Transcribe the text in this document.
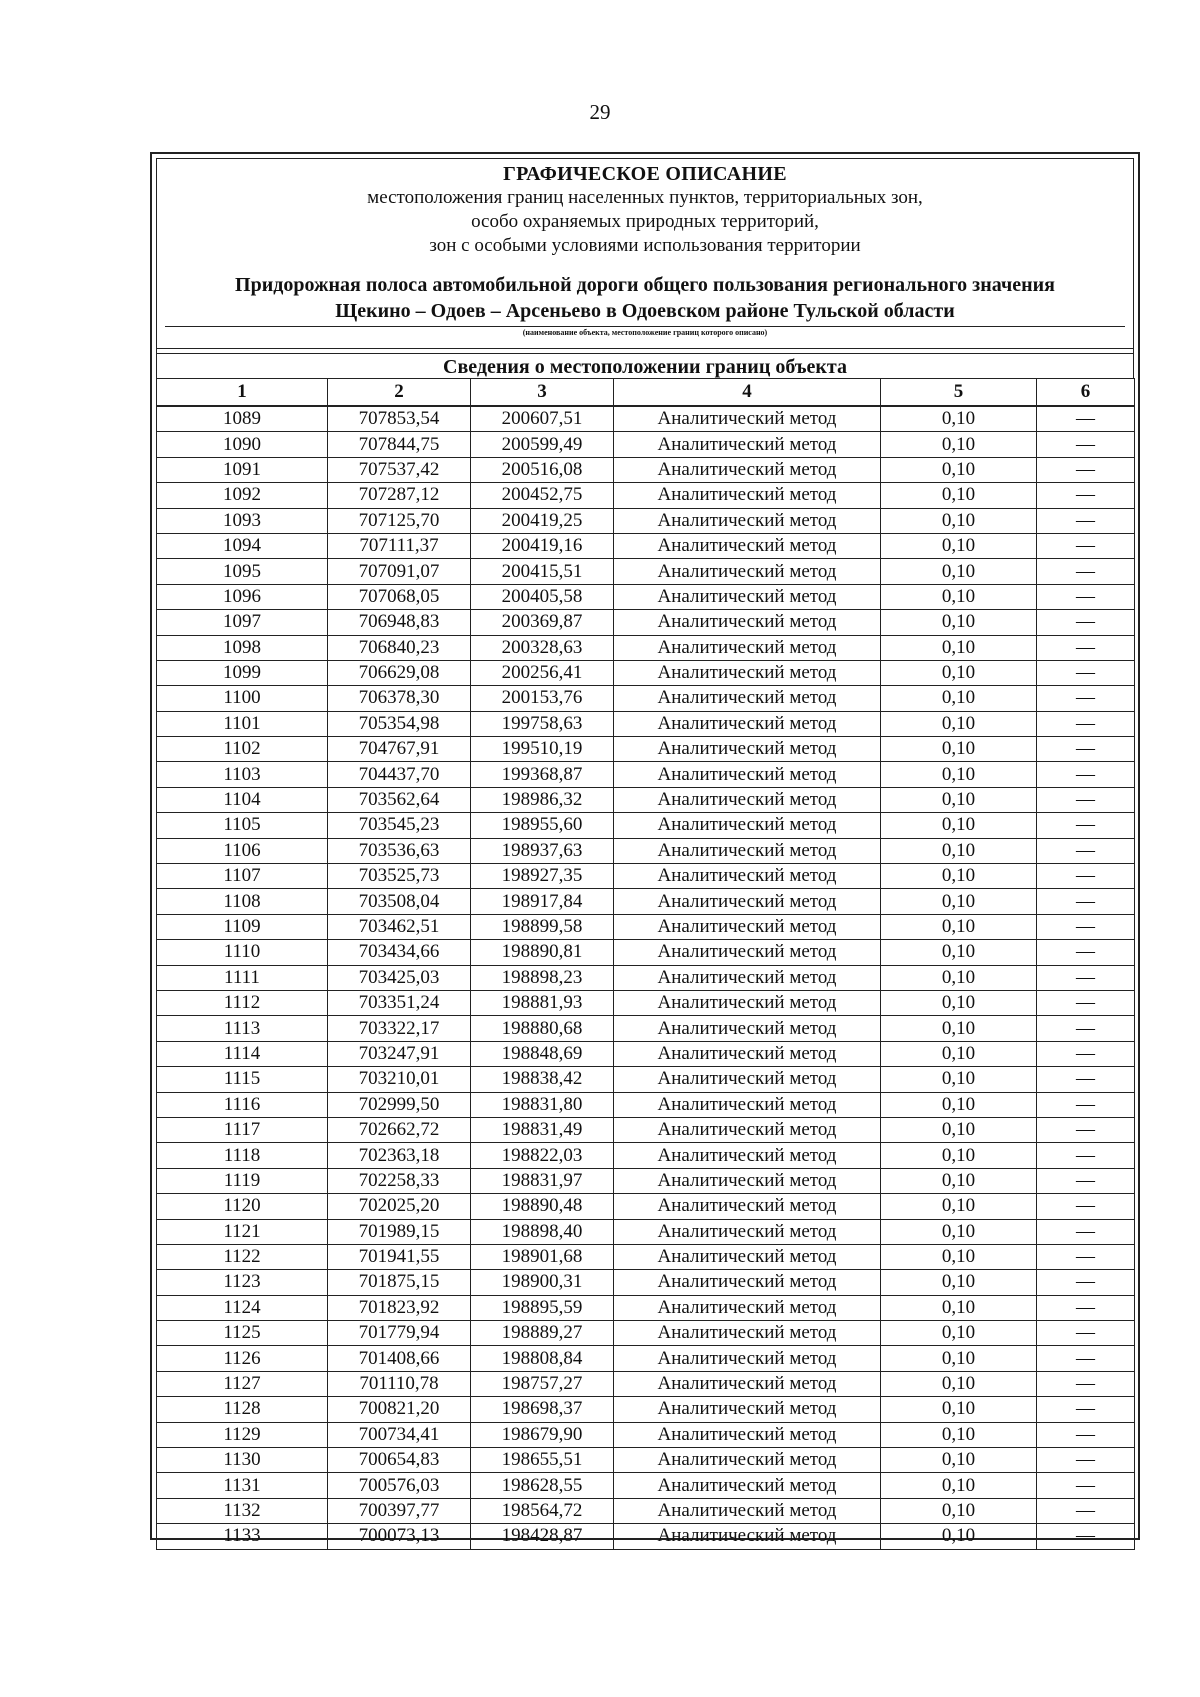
29
ГРАФИЧЕСКОЕ ОПИСАНИЕ
местоположения границ населенных пунктов, территориальных зон,
особо охраняемых природных территорий,
зон с особыми условиями использования территории
Придорожная полоса автомобильной дороги общего пользования регионального значения
Щекино – Одоев – Арсеньево в Одоевском районе Тульской области
(наименование объекта, местоположение границ которого описано)
Сведения о местоположении границ объекта
1	2	3	4	5	6
1089	707853,54	200607,51	Аналитический метод	0,10	—
1090	707844,75	200599,49	Аналитический метод	0,10	—
1091	707537,42	200516,08	Аналитический метод	0,10	—
1092	707287,12	200452,75	Аналитический метод	0,10	—
1093	707125,70	200419,25	Аналитический метод	0,10	—
1094	707111,37	200419,16	Аналитический метод	0,10	—
1095	707091,07	200415,51	Аналитический метод	0,10	—
1096	707068,05	200405,58	Аналитический метод	0,10	—
1097	706948,83	200369,87	Аналитический метод	0,10	—
1098	706840,23	200328,63	Аналитический метод	0,10	—
1099	706629,08	200256,41	Аналитический метод	0,10	—
1100	706378,30	200153,76	Аналитический метод	0,10	—
1101	705354,98	199758,63	Аналитический метод	0,10	—
1102	704767,91	199510,19	Аналитический метод	0,10	—
1103	704437,70	199368,87	Аналитический метод	0,10	—
1104	703562,64	198986,32	Аналитический метод	0,10	—
1105	703545,23	198955,60	Аналитический метод	0,10	—
1106	703536,63	198937,63	Аналитический метод	0,10	—
1107	703525,73	198927,35	Аналитический метод	0,10	—
1108	703508,04	198917,84	Аналитический метод	0,10	—
1109	703462,51	198899,58	Аналитический метод	0,10	—
1110	703434,66	198890,81	Аналитический метод	0,10	—
1111	703425,03	198898,23	Аналитический метод	0,10	—
1112	703351,24	198881,93	Аналитический метод	0,10	—
1113	703322,17	198880,68	Аналитический метод	0,10	—
1114	703247,91	198848,69	Аналитический метод	0,10	—
1115	703210,01	198838,42	Аналитический метод	0,10	—
1116	702999,50	198831,80	Аналитический метод	0,10	—
1117	702662,72	198831,49	Аналитический метод	0,10	—
1118	702363,18	198822,03	Аналитический метод	0,10	—
1119	702258,33	198831,97	Аналитический метод	0,10	—
1120	702025,20	198890,48	Аналитический метод	0,10	—
1121	701989,15	198898,40	Аналитический метод	0,10	—
1122	701941,55	198901,68	Аналитический метод	0,10	—
1123	701875,15	198900,31	Аналитический метод	0,10	—
1124	701823,92	198895,59	Аналитический метод	0,10	—
1125	701779,94	198889,27	Аналитический метод	0,10	—
1126	701408,66	198808,84	Аналитический метод	0,10	—
1127	701110,78	198757,27	Аналитический метод	0,10	—
1128	700821,20	198698,37	Аналитический метод	0,10	—
1129	700734,41	198679,90	Аналитический метод	0,10	—
1130	700654,83	198655,51	Аналитический метод	0,10	—
1131	700576,03	198628,55	Аналитический метод	0,10	—
1132	700397,77	198564,72	Аналитический метод	0,10	—
1133	700073,13	198428,87	Аналитический метод	0,10	—
